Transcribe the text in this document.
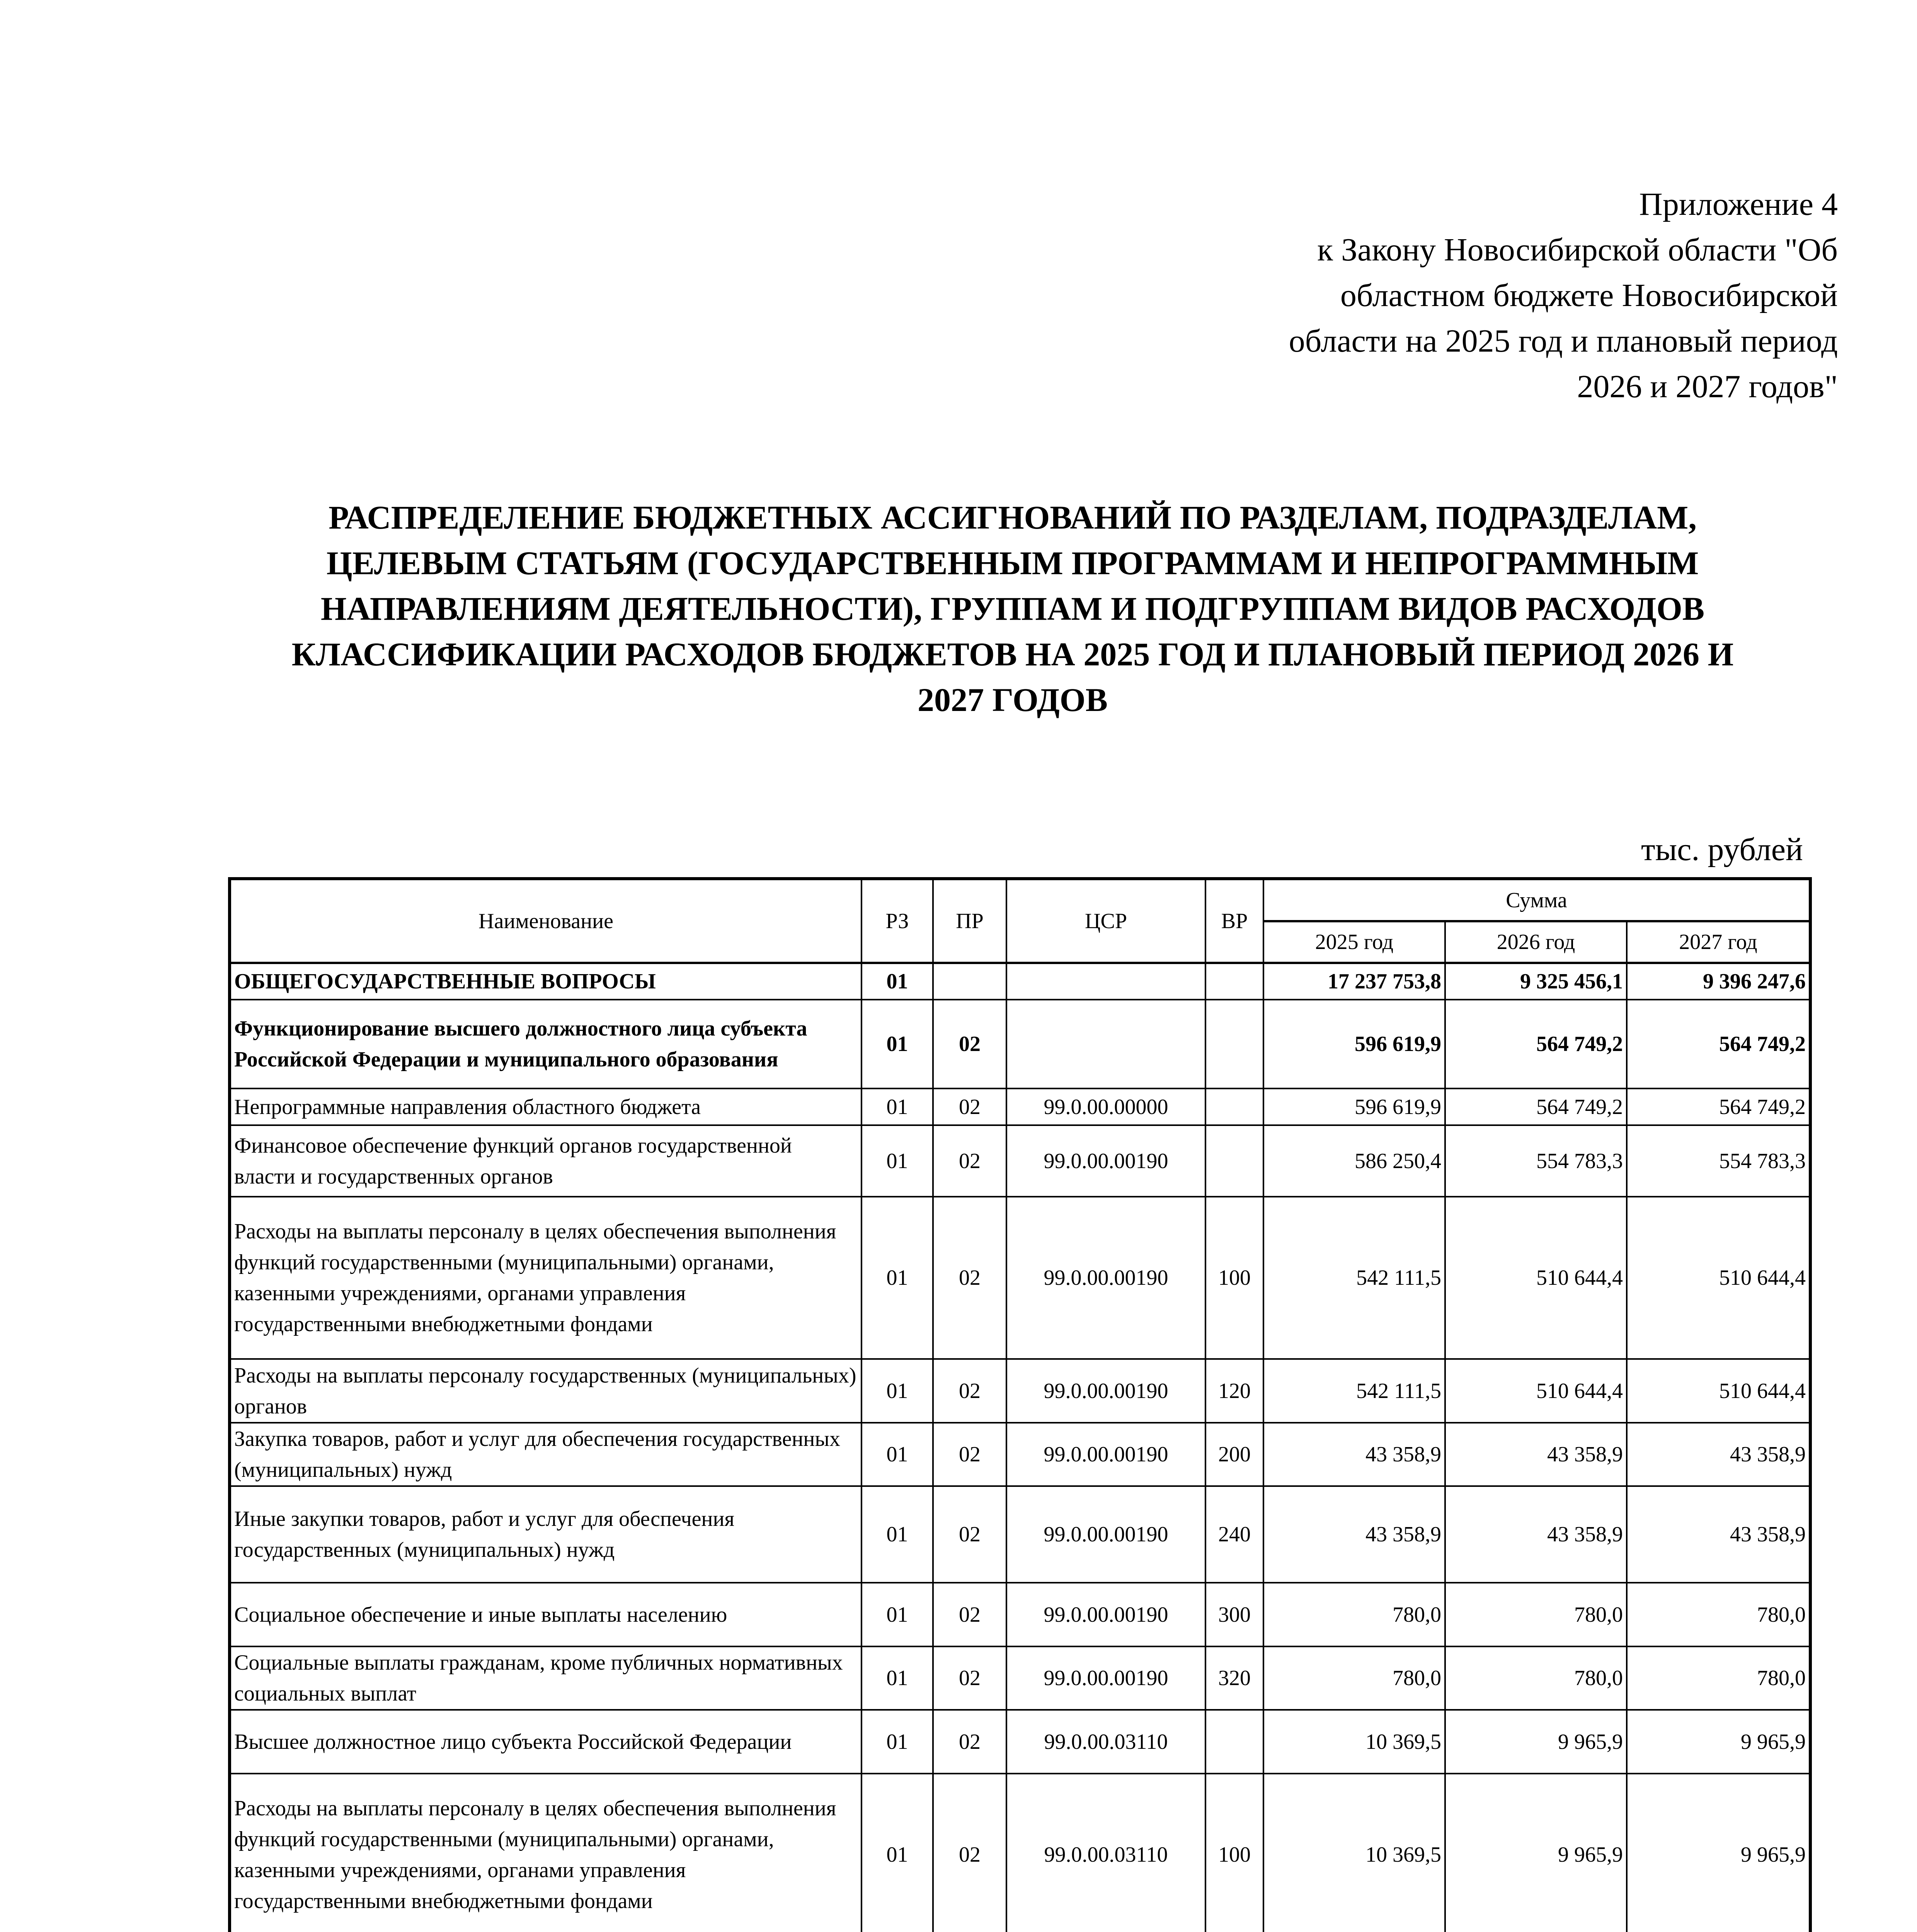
Приложение 4
к Закону Новосибирской области "Об
областном бюджете Новосибирской
области на 2025 год и плановый период
2026 и 2027 годов"
РАСПРЕДЕЛЕНИЕ БЮДЖЕТНЫХ АССИГНОВАНИЙ ПО РАЗДЕЛАМ, ПОДРАЗДЕЛАМ,
ЦЕЛЕВЫМ СТАТЬЯМ (ГОСУДАРСТВЕННЫМ ПРОГРАММАМ И НЕПРОГРАММНЫМ
НАПРАВЛЕНИЯМ ДЕЯТЕЛЬНОСТИ), ГРУППАМ И ПОДГРУППАМ ВИДОВ РАСХОДОВ
КЛАССИФИКАЦИИ РАСХОДОВ БЮДЖЕТОВ НА 2025 ГОД И ПЛАНОВЫЙ ПЕРИОД 2026 И
2027 ГОДОВ
тыс. рублей
Наименование	РЗ	ПР	ЦСР	ВР	Сумма		
					2025 год	2026 год	2027 год
ОБЩЕГОСУДАРСТВЕННЫЕ ВОПРОСЫ	01				17 237 753,8	9 325 456,1	9 396 247,6
Функционирование высшего должностного лица субъекта Российской Федерации и муниципального образования	01	02			596 619,9	564 749,2	564 749,2
Непрограммные направления областного бюджета	01	02	99.0.00.00000		596 619,9	564 749,2	564 749,2
Финансовое обеспечение функций органов государственной власти и государственных органов	01	02	99.0.00.00190		586 250,4	554 783,3	554 783,3
Расходы на выплаты персоналу в целях обеспечения выполнения функций государственными (муниципальными) органами, казенными учреждениями, органами управления государственными внебюджетными фондами	01	02	99.0.00.00190	100	542 111,5	510 644,4	510 644,4
Расходы на выплаты персоналу государственных (муниципальных) органов	01	02	99.0.00.00190	120	542 111,5	510 644,4	510 644,4
Закупка товаров, работ и услуг для обеспечения государственных (муниципальных) нужд	01	02	99.0.00.00190	200	43 358,9	43 358,9	43 358,9
Иные закупки товаров, работ и услуг для обеспечения государственных (муниципальных) нужд	01	02	99.0.00.00190	240	43 358,9	43 358,9	43 358,9
Социальное обеспечение и иные выплаты населению	01	02	99.0.00.00190	300	780,0	780,0	780,0
Социальные выплаты гражданам, кроме публичных нормативных социальных выплат	01	02	99.0.00.00190	320	780,0	780,0	780,0
Высшее должностное лицо субъекта Российской Федерации	01	02	99.0.00.03110		10 369,5	9 965,9	9 965,9
Расходы на выплаты персоналу в целях обеспечения выполнения функций государственными (муниципальными) органами, казенными учреждениями, органами управления государственными внебюджетными фондами	01	02	99.0.00.03110	100	10 369,5	9 965,9	9 965,9
